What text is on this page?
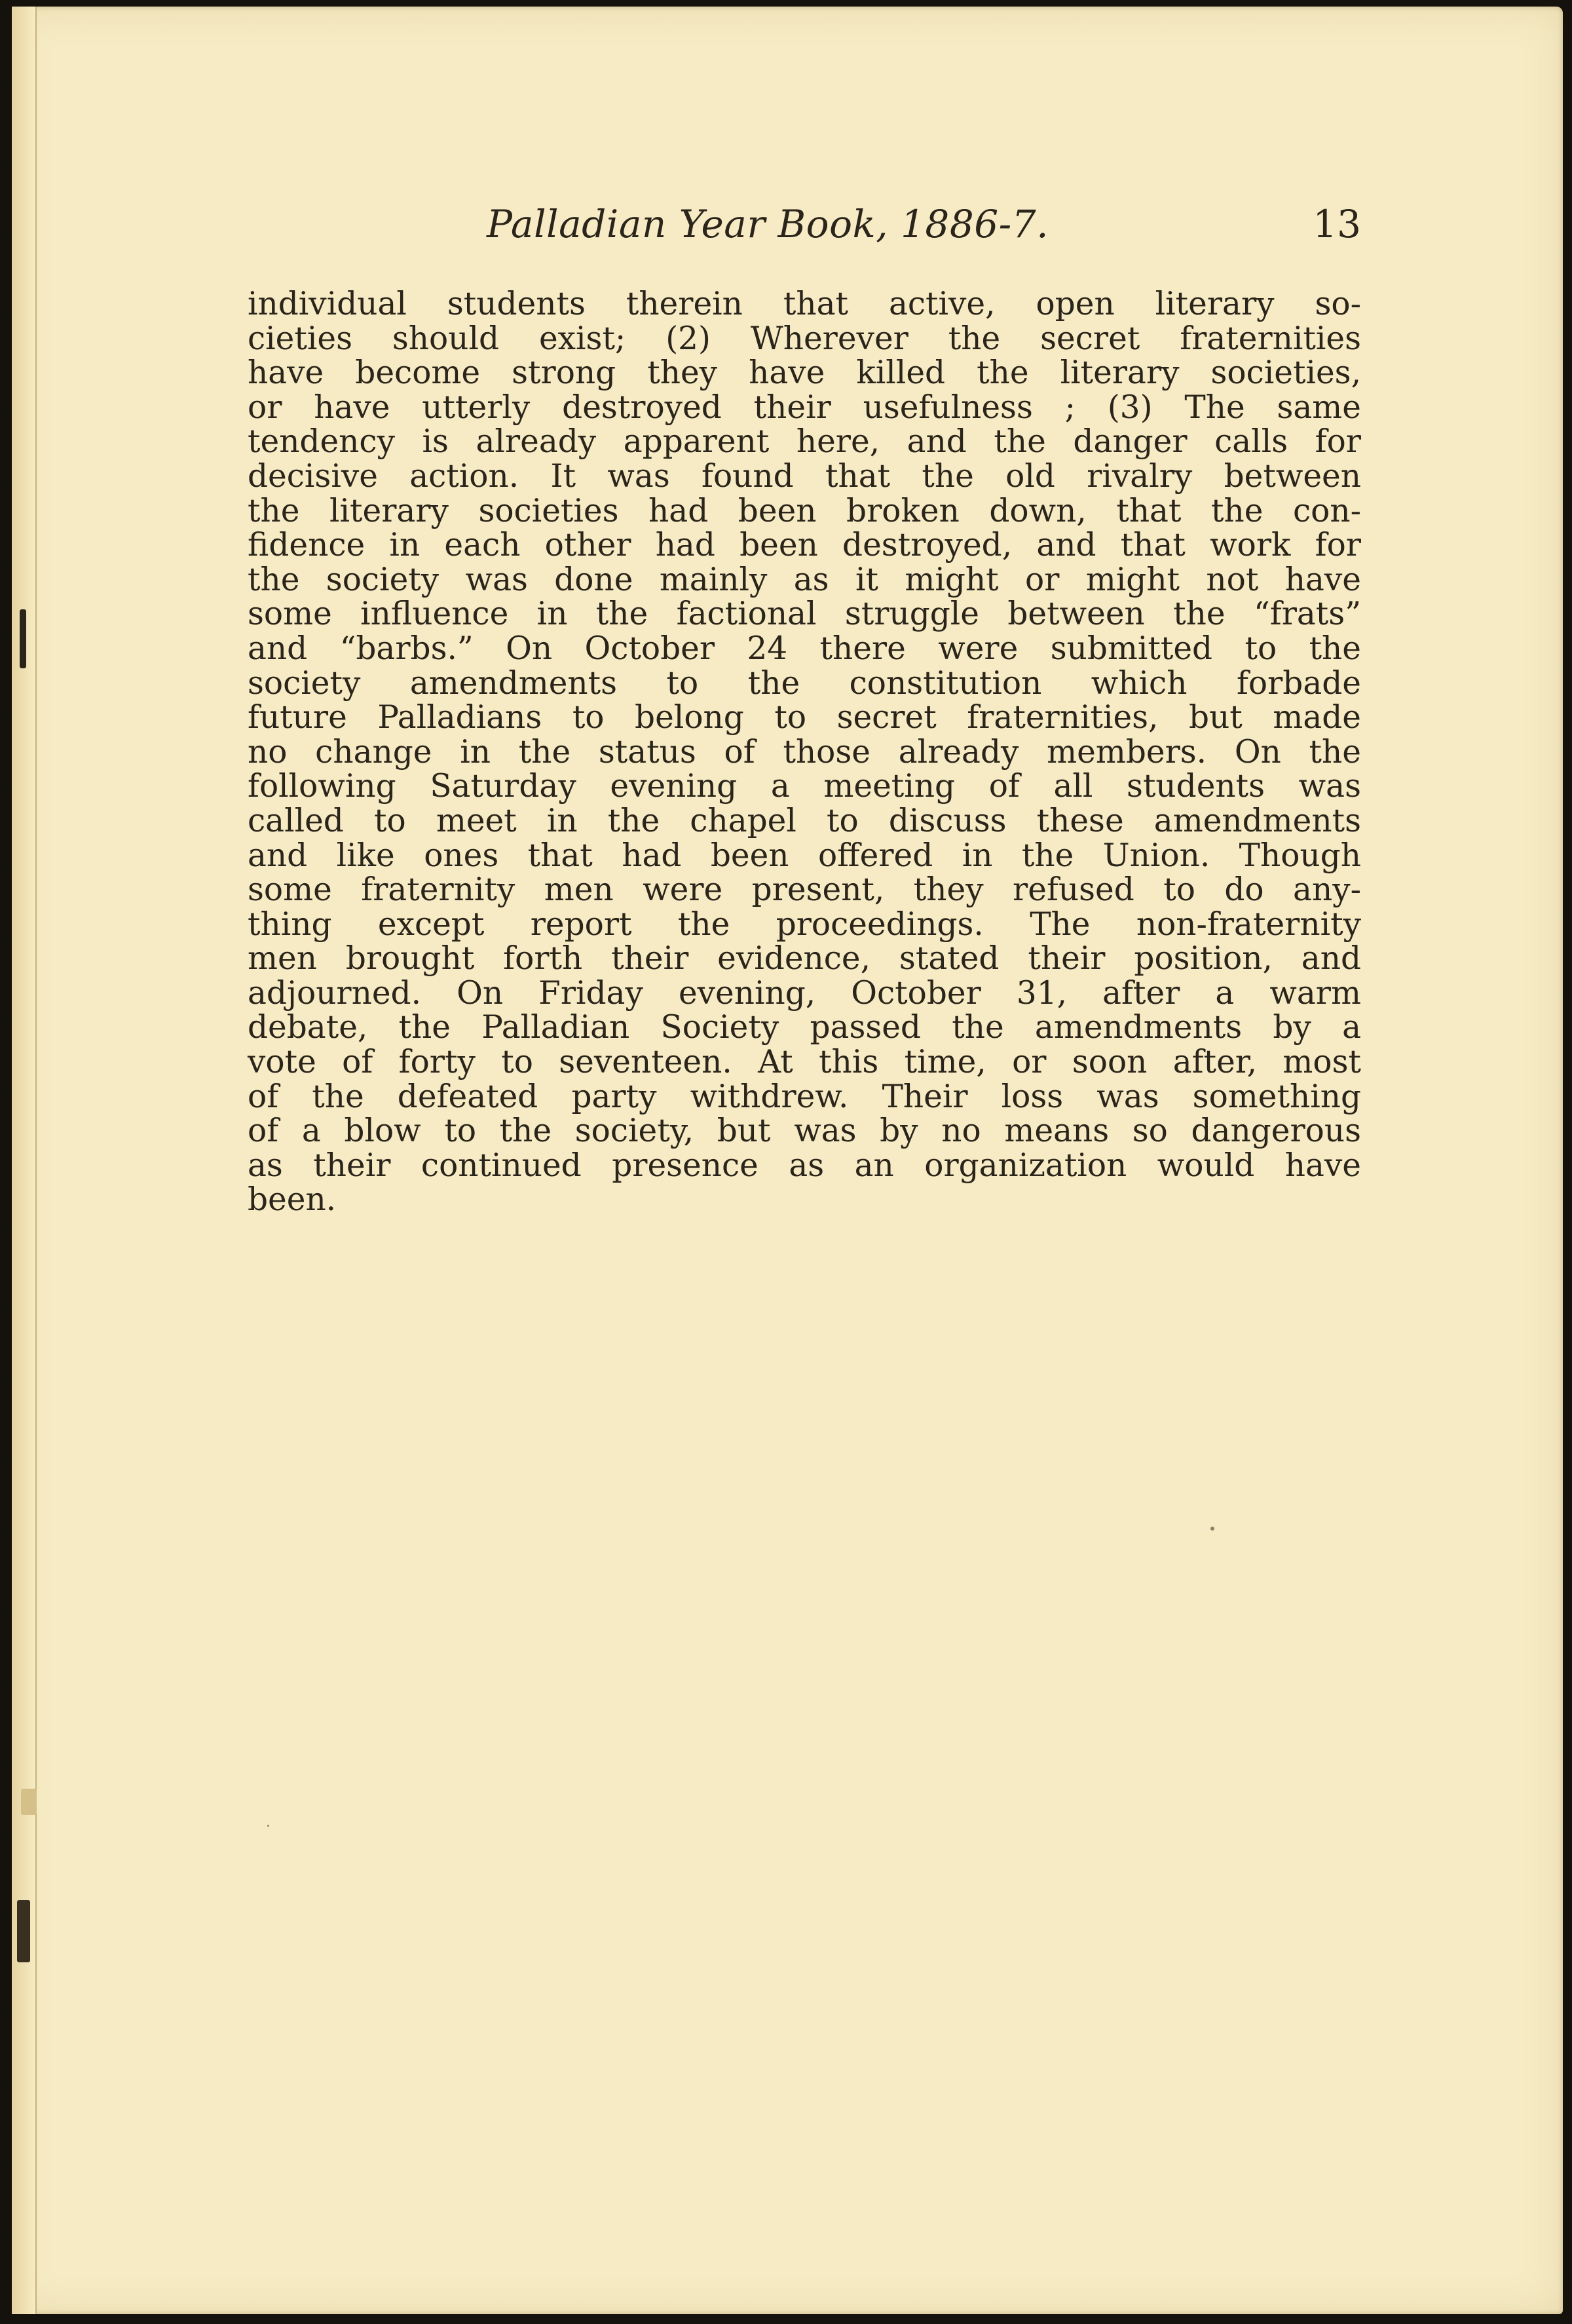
Palladian Year Book, 1886-7.	13
individual students therein that active, open literary so-
cieties should exist; (2) Wherever the secret fraternities
have become strong they have killed the literary societies,
or have utterly destroyed their usefulness ; (3) The same
tendency is already apparent here, and the danger calls for
decisive action. It was found that the old rivalry between
the literary societies had been broken down, that the con-
fidence in each other had been destroyed, and that work for
the society was done mainly as it might or might not have
some influence in the factional struggle between the “frats”
and “barbs.” On October 24 there were submitted to the
society amendments to the constitution which forbade
future Palladians to belong to secret fraternities, but made
no change in the status of those already members. On the
following Saturday evening a meeting of all students was
called to meet in the chapel to discuss these amendments
and like ones that had been offered in the Union. Though
some fraternity men were present, they refused to do any-
thing except report the proceedings. The non-fraternity
men brought forth their evidence, stated their position, and
adjourned. On Friday evening, October 31, after a warm
debate, the Palladian Society passed the amendments by a
vote of forty to seventeen. At this time, or soon after, most
of the defeated party withdrew. Their loss was something
of a blow to the society, but was by no means so dangerous
as their continued presence as an organization would have
been.
